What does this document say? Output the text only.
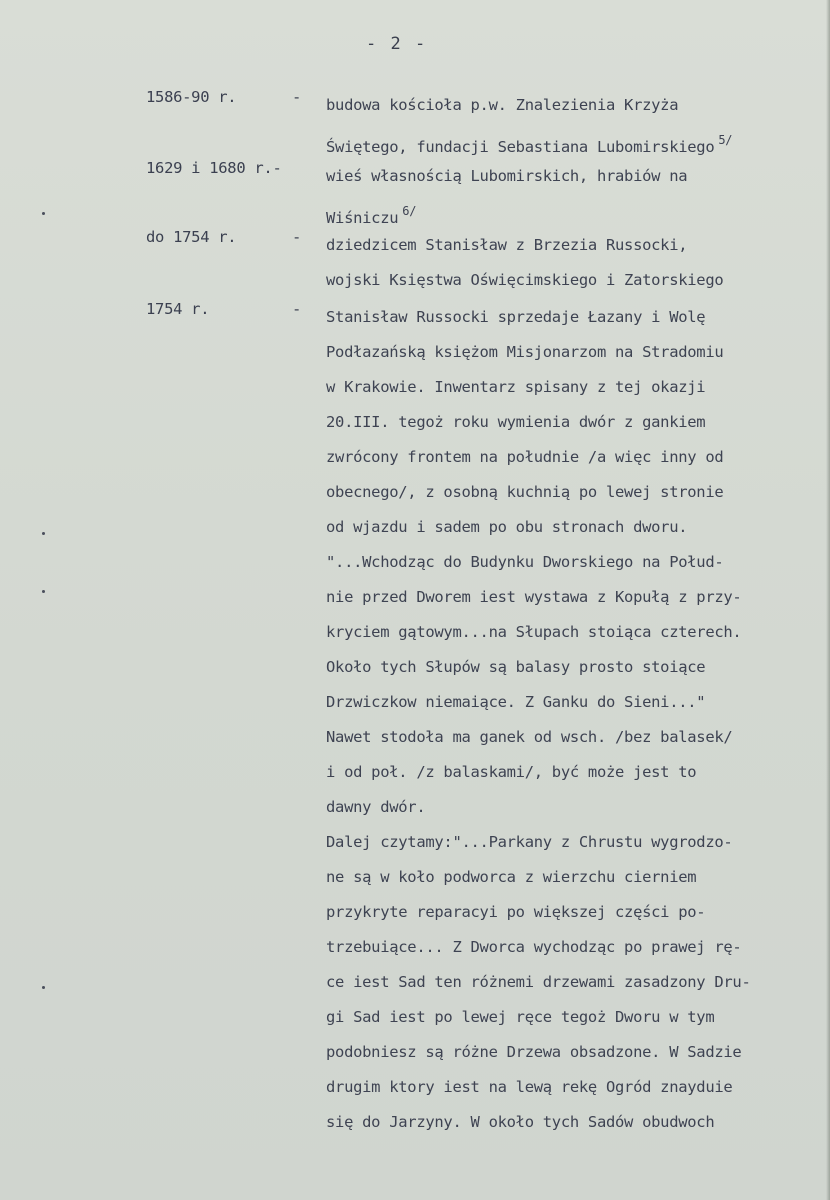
- 2 -
1586-90 r.	- budowa kościoła p.w. Znalezienia Krzyża
Świętego, fundacji Sebastiana Lubomirskiego $^{5/}$
1629 i 1680 r.-	wieś własnością Lubomirskich, hrabiów na
Wiśniczu $^{6/}$
do 1754 r.	- dziedzicem Stanisław z Brzezia Russocki,
wojski Księstwa Oświęcimskiego i Zatorskiego
1754 r.	- Stanisław Russocki sprzedaje Łazany i Wolę
Podłazańską księżom Misjonarzom na Stradomiu
w Krakowie. Inwentarz spisany z tej okazji
20.III. tegoż roku wymienia dwór z gankiem
zwrócony frontem na południe /a więc inny od
obecnego/, z osobną kuchnią po lewej stronie
od wjazdu i sadem po obu stronach dworu.
"...Wchodząc do Budynku Dworskiego na Połud-
nie przed Dworem iest wystawa z Kopułą z przy-
kryciem gątowym...na Słupach stoiąca czterech.
Około tych Słupów są balasy prosto stoiące
Drzwiczkow niemaiące. Z Ganku do Sieni..."
Nawet stodoła ma ganek od wsch. /bez balasek/
i od poł. /z balaskami/, być może jest to
dawny dwór.
Dalej czytamy:"...Parkany z Chrustu wygrodzo-
ne są w koło podworca z wierzchu cierniem
przykryte reparacyi po większej części po-
trzebuiące... Z Dworca wychodząc po prawej rę-
ce iest Sad ten różnemi drzewami zasadzony Dru-
gi Sad iest po lewej ręce tegoż Dworu w tym
podobniesz są różne Drzewa obsadzone. W Sadzie
drugim ktory iest na lewą rekę Ogród znayduie
się do Jarzyny. W około tych Sadów obudwoch
